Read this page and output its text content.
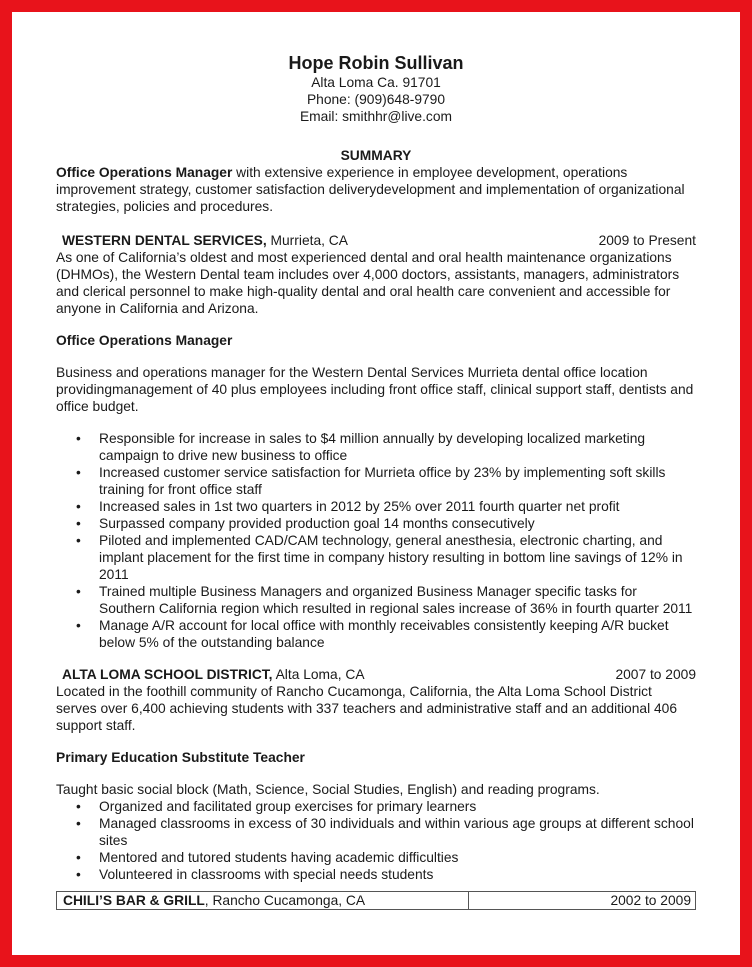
Hope Robin Sullivan
Alta Loma Ca. 91701
Phone: (909)648-9790
Email: smithhr@live.com
SUMMARY
Office Operations Manager with extensive experience in employee development, operations improvement strategy, customer satisfaction deliverydevelopment and implementation of organizational strategies, policies and procedures.
WESTERN DENTAL SERVICES, Murrieta, CA	2009 to Present
As one of California’s oldest and most experienced dental and oral health maintenance organizations (DHMOs), the Western Dental team includes over 4,000 doctors, assistants, managers, administrators and clerical personnel to make high-quality dental and oral health care convenient and accessible for anyone in California and Arizona.
Office Operations Manager
Business and operations manager for the Western Dental Services Murrieta dental office location providingmanagement of 40 plus employees including front office staff, clinical support staff, dentists and office budget.
• Responsible for increase in sales to $4 million annually by developing localized marketing campaign to drive new business to office
• Increased customer service satisfaction for Murrieta office by 23% by implementing soft skills training for front office staff
• Increased sales in 1st two quarters in 2012 by 25% over 2011 fourth quarter net profit
• Surpassed company provided production goal 14 months consecutively
• Piloted and implemented CAD/CAM technology, general anesthesia, electronic charting, and implant placement for the first time in company history resulting in bottom line savings of 12% in 2011
• Trained multiple Business Managers and organized Business Manager specific tasks for Southern California region which resulted in regional sales increase of 36% in fourth quarter 2011
• Manage A/R account for local office with monthly receivables consistently keeping A/R bucket below 5% of the outstanding balance
ALTA LOMA SCHOOL DISTRICT, Alta Loma, CA	2007 to 2009
Located in the foothill community of Rancho Cucamonga, California, the Alta Loma School District serves over 6,400 achieving students with 337 teachers and administrative staff and an additional 406 support staff.
Primary Education Substitute Teacher
Taught basic social block (Math, Science, Social Studies, English) and reading programs.
• Organized and facilitated group exercises for primary learners
• Managed classrooms in excess of 30 individuals and within various age groups at different school sites
• Mentored and tutored students having academic difficulties
• Volunteered in classrooms with special needs students
CHILI’S BAR & GRILL, Rancho Cucamonga, CA	2002 to 2009
